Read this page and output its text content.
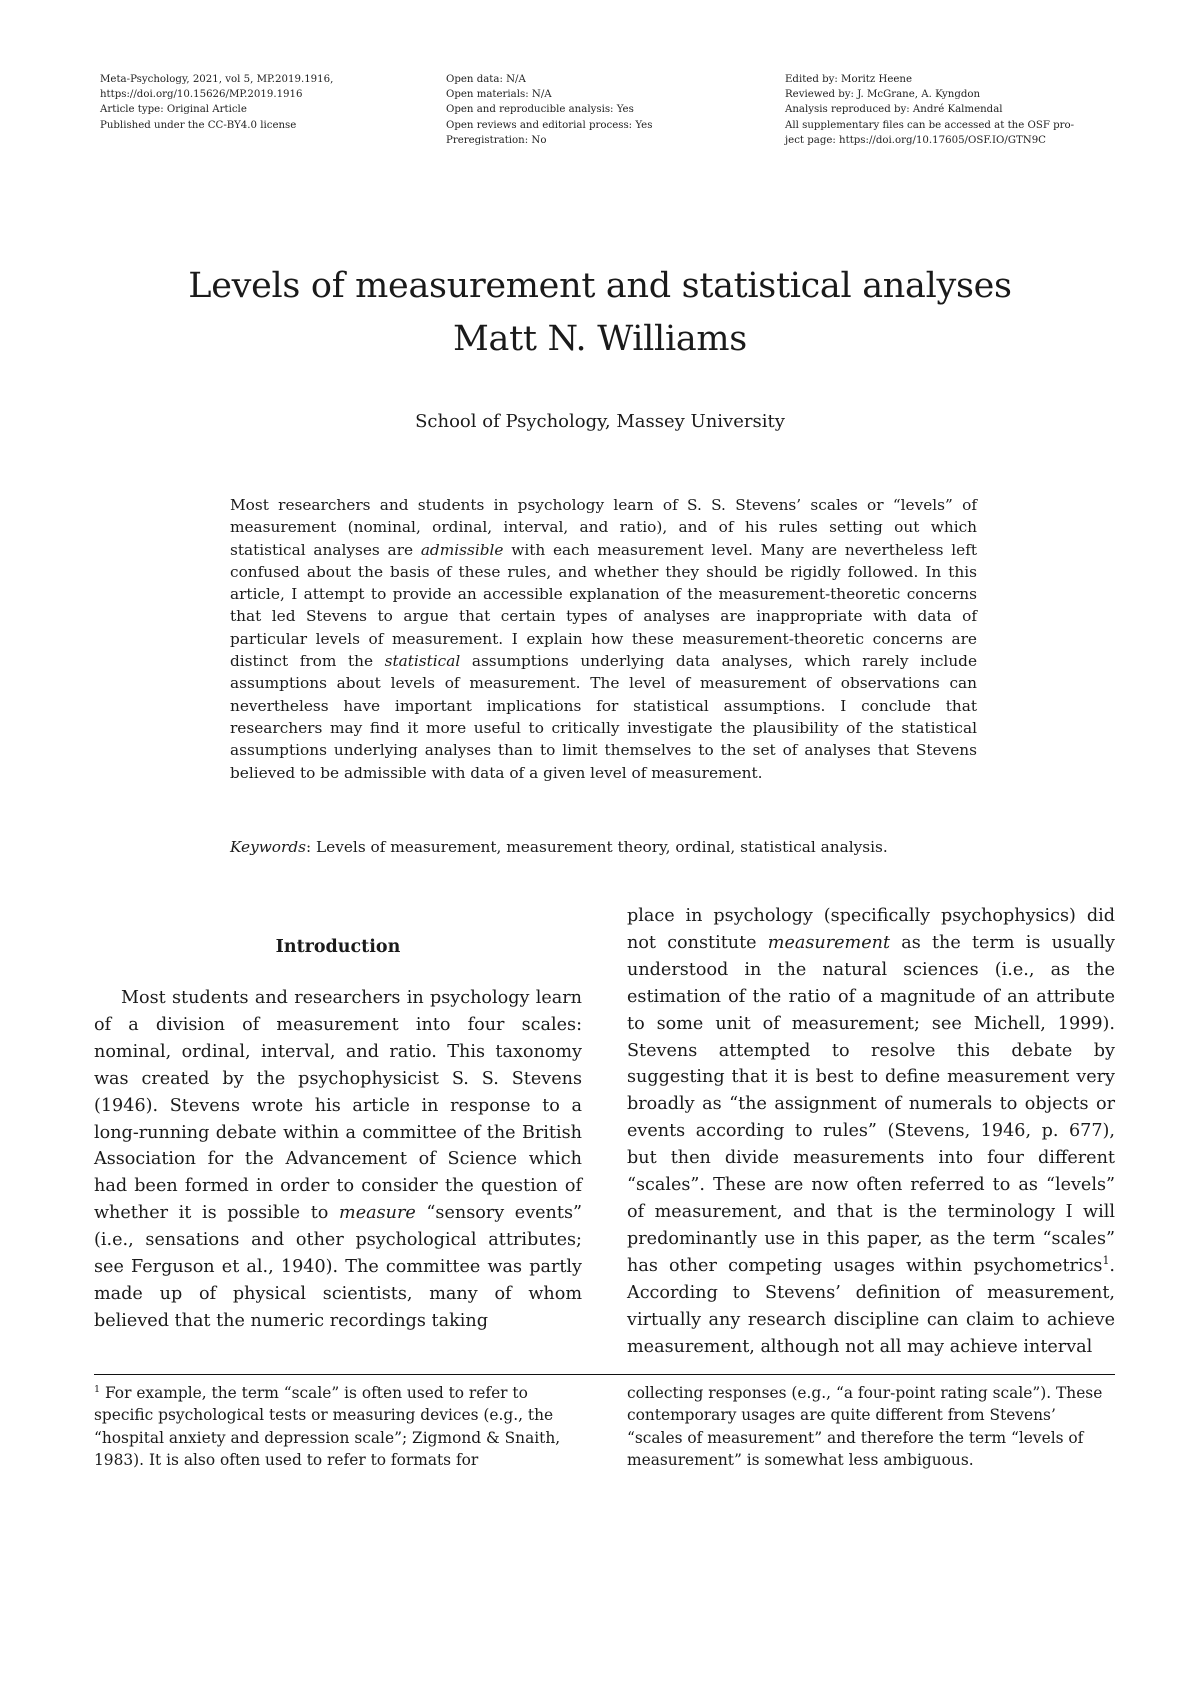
Meta-Psychology, 2021, vol 5, MP.2019.1916,
https://doi.org/10.15626/MP.2019.1916
Article type: Original Article
Published under the CC-BY4.0 license
Open data: N/A
Open materials: N/A
Open and reproducible analysis: Yes
Open reviews and editorial process: Yes
Preregistration: No
Edited by: Moritz Heene
Reviewed by: J. McGrane, A. Kyngdon
Analysis reproduced by: André Kalmendal
All supplementary files can be accessed at the OSF pro-
ject page: https://doi.org/10.17605/OSF.IO/GTN9C
Levels of measurement and statistical analyses
Matt N. Williams
School of Psychology, Massey University

Most researchers and students in psychology learn of S. S. Stevens’ scales or “levels” of measurement (nominal, ordinal, interval, and ratio), and of his rules setting out which statistical analyses are admissible with each measurement level. Many are nevertheless left confused about the basis of these rules, and whether they should be rigidly followed. In this article, I attempt to provide an accessible explanation of the measurement-theoretic concerns that led Stevens to argue that certain types of analyses are inappropriate with data of particular levels of measurement. I explain how these measurement-theoretic concerns are distinct from the statistical assumptions underlying data analyses, which rarely include assumptions about levels of measurement. The level of measurement of observations can nevertheless have important implications for statistical assumptions. I conclude that researchers may find it more useful to critically investigate the plausibility of the statistical assumptions underlying analyses than to limit themselves to the set of analyses that Stevens believed to be admissible with data of a given level of measurement.

Keywords: Levels of measurement, measurement theory, ordinal, statistical analysis.
Introduction

Most students and researchers in psychology learn of a division of measurement into four scales: nominal, ordinal, interval, and ratio. This taxonomy was created by the psychophysicist S. S. Stevens (1946). Stevens wrote his article in response to a long-running debate within a committee of the British Association for the Advancement of Science which had been formed in order to consider the question of whether it is possible to measure “sensory events” (i.e., sensations and other psychological attributes; see Ferguson et al., 1940). The committee was partly made up of physical scientists, many of whom believed that the numeric recordings taking

place in psychology (specifically psychophysics) did not constitute measurement as the term is usually understood in the natural sciences (i.e., as the estimation of the ratio of a magnitude of an attribute to some unit of measurement; see Michell, 1999). Stevens attempted to resolve this debate by suggesting that it is best to define measurement very broadly as “the assignment of numerals to objects or events according to rules” (Stevens, 1946, p. 677), but then divide measurements into four different “scales”. These are now often referred to as “levels” of measurement, and that is the terminology I will predominantly use in this paper, as the term “scales” has other competing usages within psychometrics$^1$. According to Stevens’ definition of measurement, virtually any research discipline can claim to achieve measurement, although not all may achieve interval

$^1$ For example, the term “scale” is often used to refer to specific psychological tests or measuring devices (e.g., the “hospital anxiety and depression scale”; Zigmond & Snaith, 1983). It is also often used to refer to formats for

collecting responses (e.g., “a four-point rating scale”). These contemporary usages are quite different from Stevens’ “scales of measurement” and therefore the term “levels of measurement” is somewhat less ambiguous.
